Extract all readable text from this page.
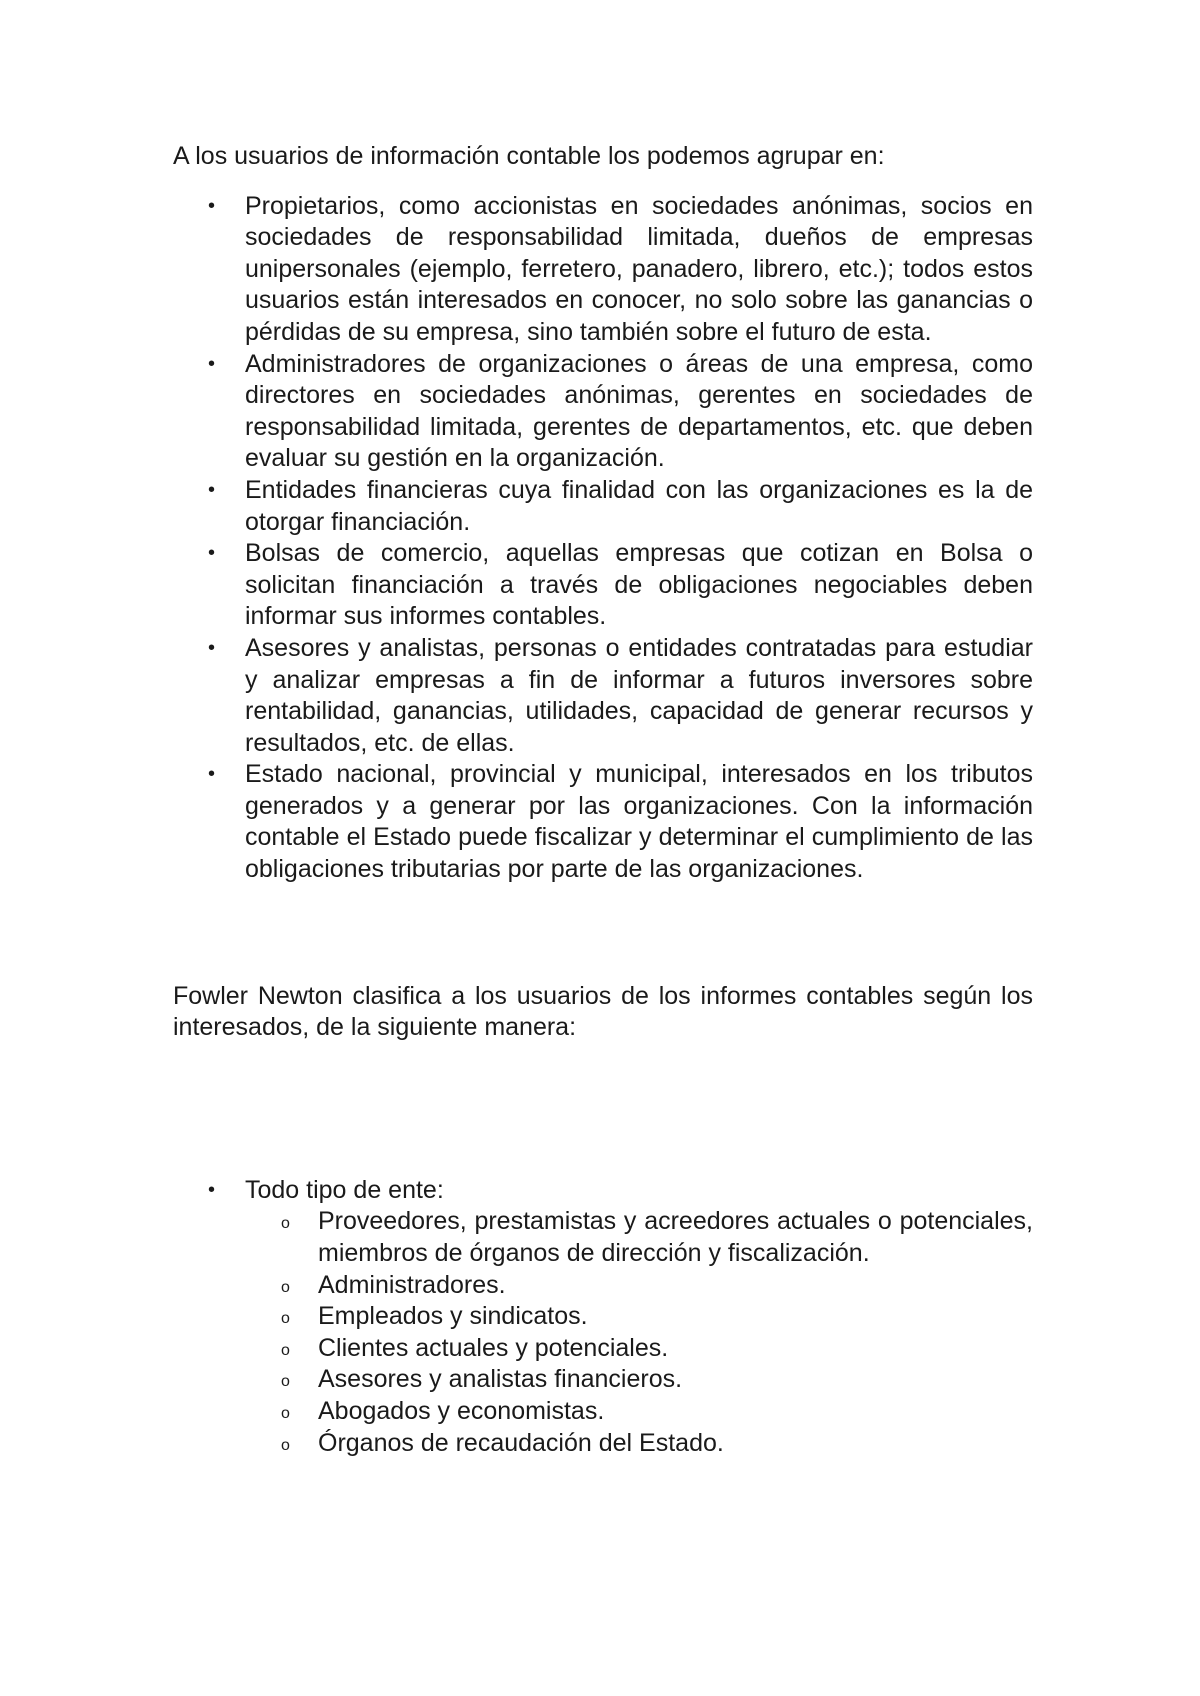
A los usuarios de información contable los podemos agrupar en:

• Propietarios, como accionistas en sociedades anónimas, socios en sociedades de responsabilidad limitada, dueños de empresas unipersonales (ejemplo, ferretero, panadero, librero, etc.); todos estos usuarios están interesados en conocer, no solo sobre las ganancias o pérdidas de su empresa, sino también sobre el futuro de esta.
• Administradores de organizaciones o áreas de una empresa, como directores en sociedades anónimas, gerentes en sociedades de responsabilidad limitada, gerentes de departamentos, etc. que deben evaluar su gestión en la organización.
• Entidades financieras cuya finalidad con las organizaciones es la de otorgar financiación.
• Bolsas de comercio, aquellas empresas que cotizan en Bolsa o solicitan financiación a través de obligaciones negociables deben informar sus informes contables.
• Asesores y analistas, personas o entidades contratadas para estudiar y analizar empresas a fin de informar a futuros inversores sobre rentabilidad, ganancias, utilidades, capacidad de generar recursos y resultados, etc. de ellas.
• Estado nacional, provincial y municipal, interesados en los tributos generados y a generar por las organizaciones. Con la información contable el Estado puede fiscalizar y determinar el cumplimiento de las obligaciones tributarias por parte de las organizaciones.

Fowler Newton clasifica a los usuarios de los informes contables según los interesados, de la siguiente manera:

• Todo tipo de ente:
o Proveedores, prestamistas y acreedores actuales o potenciales, miembros de órganos de dirección y fiscalización.
o Administradores.
o Empleados y sindicatos.
o Clientes actuales y potenciales.
o Asesores y analistas financieros.
o Abogados y economistas.
o Órganos de recaudación del Estado.
